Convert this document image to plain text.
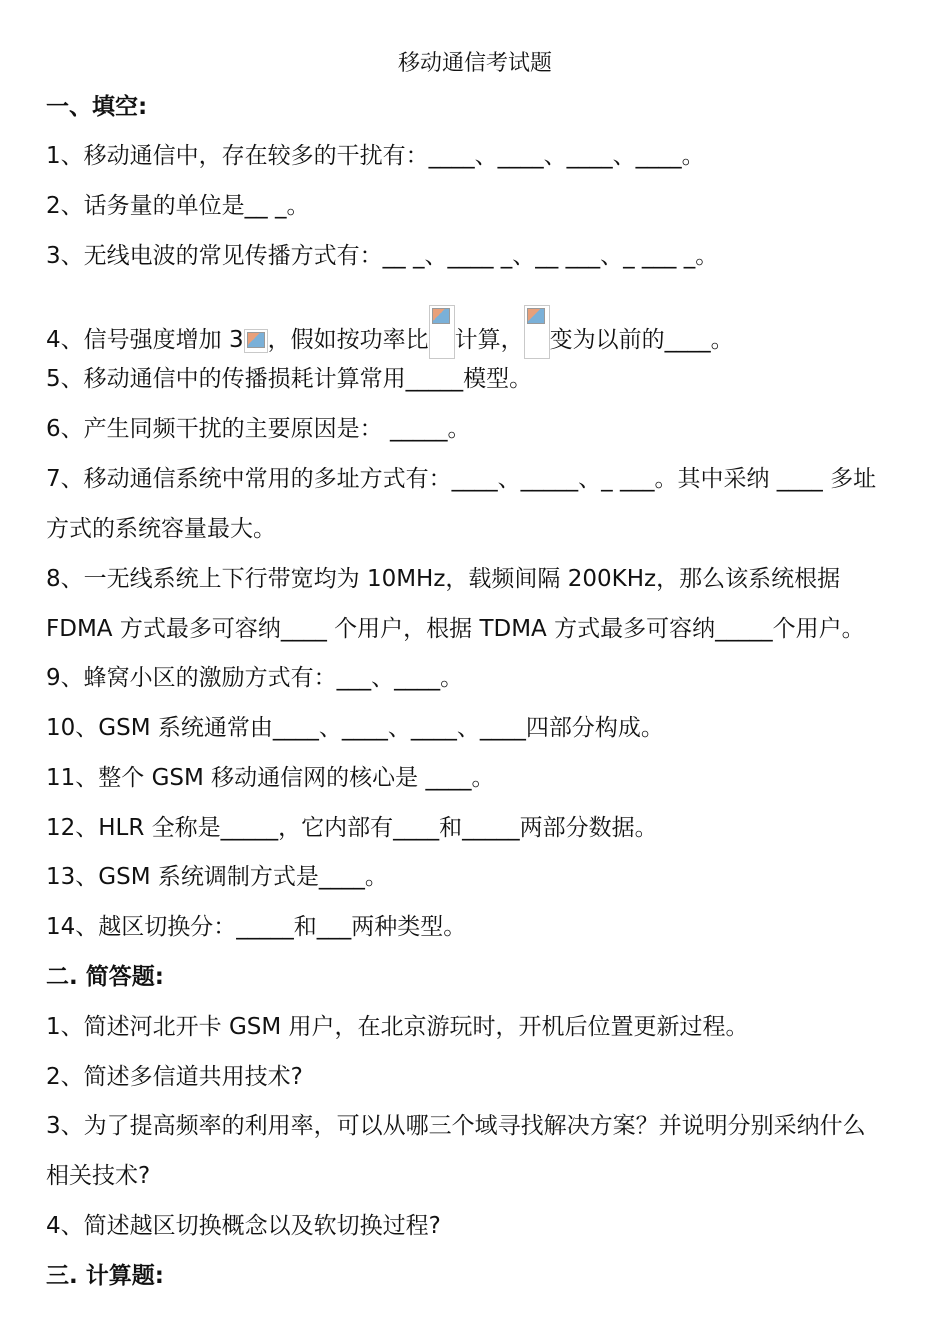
移动通信考试题
一、填空:
1、移动通信中，存在较多的干扰有：____、____、____、____。
2、话务量的单位是__ _。
3、无线电波的常见传播方式有：__ _、____ _、__ ___、_ ___ _。
4、信号强度增加 3 ，假如按功率比 计算， 变为以前的____。
5、移动通信中的传播损耗计算常用_____模型。
6、产生同频干扰的主要原因是： _____。
7、移动通信系统中常用的多址方式有：____、_____、_ ___。其中采纳 ____ 多址
方式的系统容量最大。
8、一无线系统上下行带宽均为 10MHz，载频间隔 200KHz，那么该系统根据
FDMA 方式最多可容纳____ 个用户，根据 TDMA 方式最多可容纳_____个用户。
9、蜂窝小区的激励方式有：___、____。
10、GSM 系统通常由____、____、____、____四部分构成。
11、整个 GSM 移动通信网的核心是 ____。
12、HLR 全称是_____，它内部有____和_____两部分数据。
13、GSM 系统调制方式是____。
14、越区切换分：_____和___两种类型。
二. 简答题:
1、简述河北开卡 GSM 用户，在北京游玩时，开机后位置更新过程。
2、简述多信道共用技术?
3、为了提高频率的利用率，可以从哪三个域寻找解决方案？并说明分别采纳什么
相关技术?
4、简述越区切换概念以及软切换过程?
三. 计算题:
